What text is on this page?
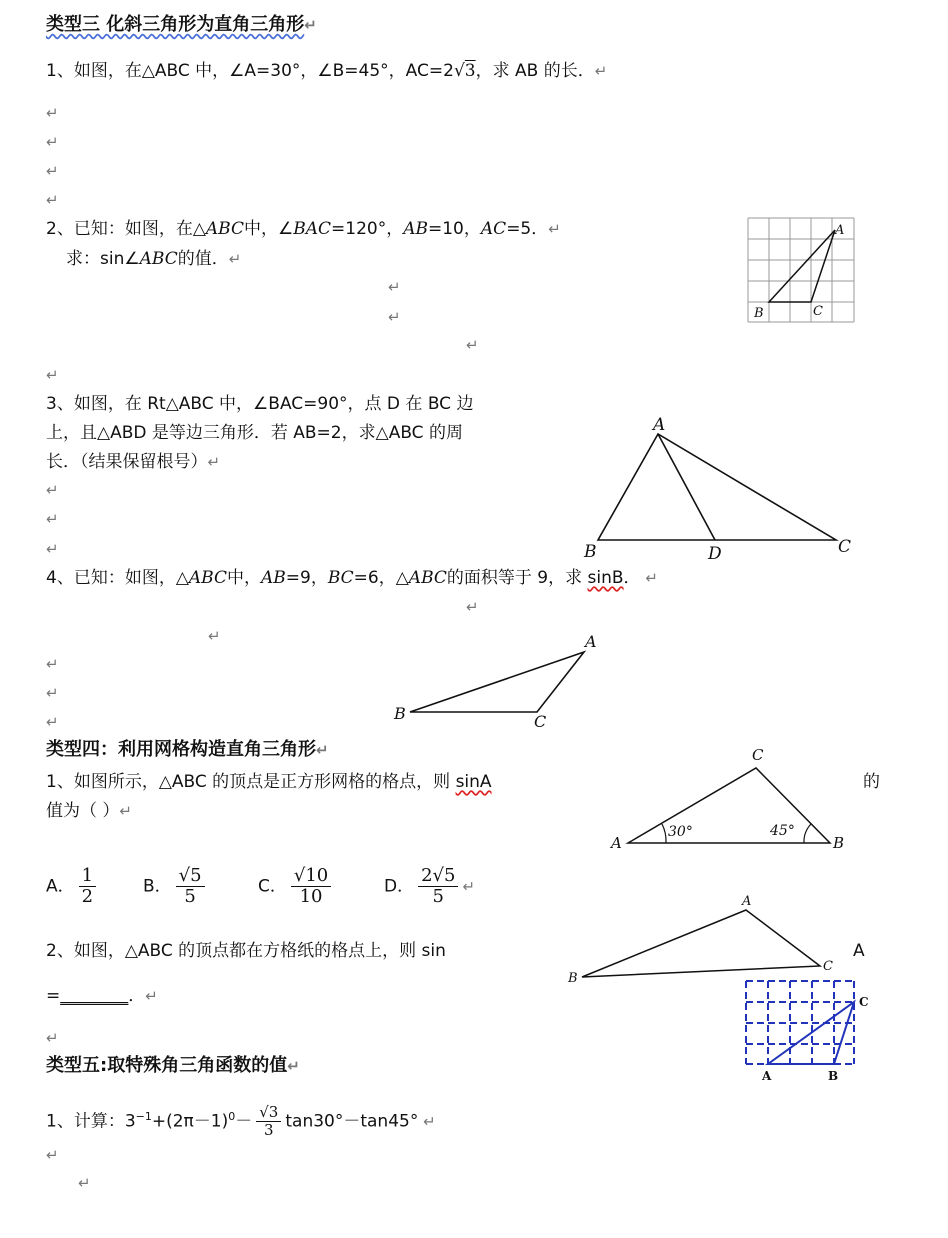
类型三 化斜三角形为直角三角形↵
1、如图，在△ABC 中，∠A=30°，∠B=45°，AC=2√3，求 AB 的长．↵
↵
↵
↵
↵
2、已知：如图，在△ABC中，∠BAC=120°，AB=10，AC=5．↵
求：sin∠ABC的值．↵
↵
↵
↵
↵
A
B	C
3、如图，在 Rt△ABC 中，∠BAC=90°，点 D 在 BC 边
上，且△ABD 是等边三角形．若 AB=2，求△ABC 的周
长．（结果保留根号）↵
↵
↵
↵
A
B	D	C
4、已知：如图，△ABC中，AB=9，BC=6，△ABC的面积等于 9，求 sinB． ↵
↵
↵
↵
↵
↵
A
B	C
类型四：利用网格构造直角三角形↵
1、如图所示，△ABC 的顶点是正方形网格的格点，则 sinA	的
值为（ ）↵
C
A	B
30°	45°
A． $\frac{1}{2}$	B． $\frac{√5}{5}$	C． $\frac{√10}{10}$	D． $\frac{2√5}{5}$ ↵
2、如图，△ABC 的顶点都在方格纸的格点上，则 sin	A
=________．↵
↵
A
B
C
A	B
C
类型五:取特殊角三角函数的值↵
1、计算：$3^{-1}+(2\pi-1)^0- \frac{√3}{3} \tan 30^\circ-\tan 45^\circ$ ↵
↵
↵
